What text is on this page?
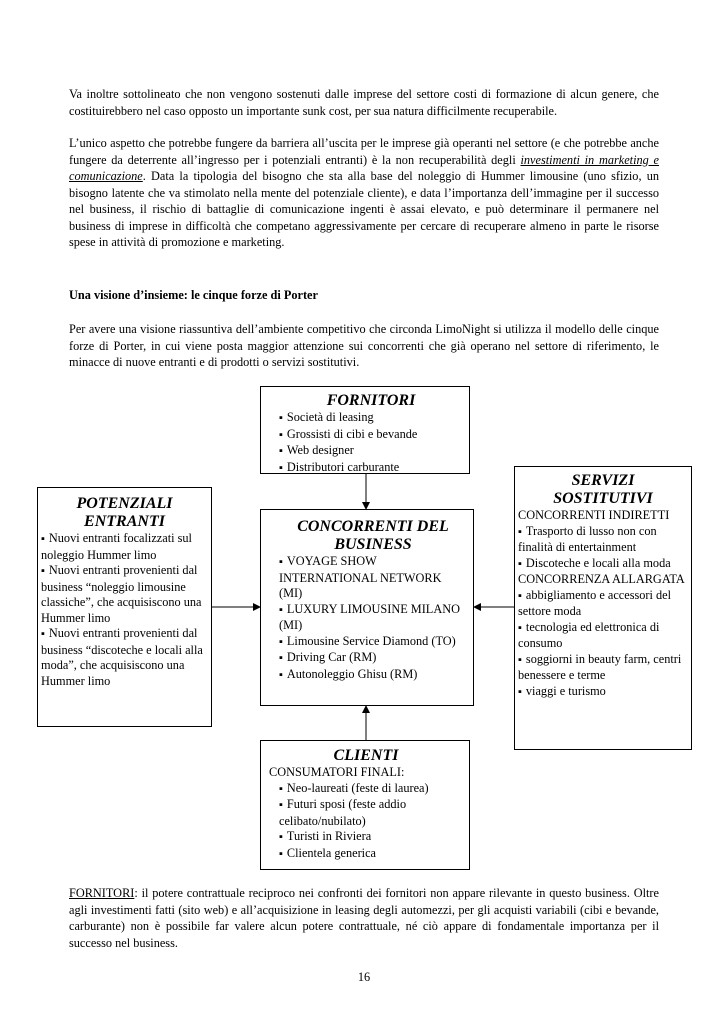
Va inoltre sottolineato che non vengono sostenuti dalle imprese del settore costi di formazione di alcun genere, che costituirebbero nel caso opposto un importante sunk cost, per sua natura difficilmente recuperabile.

L’unico aspetto che potrebbe fungere da barriera all’uscita per le imprese già operanti nel settore (e che potrebbe anche fungere da deterrente all’ingresso per i potenziali entranti) è la non recuperabilità degli investimenti in marketing e comunicazione. Data la tipologia del bisogno che sta alla base del noleggio di Hummer limousine (uno sfizio, un bisogno latente che va stimolato nella mente del potenziale cliente), e data l’importanza dell’immagine per il successo nel business, il rischio di battaglie di comunicazione ingenti è assai elevato, e può determinare il permanere nel business di imprese in difficoltà che competano aggressivamente per cercare di recuperare almeno in parte le risorse spese in attività di promozione e marketing.

Una visione d’insieme: le cinque forze di Porter

Per avere una visione riassuntiva dell’ambiente competitivo che circonda LimoNight si utilizza il modello delle cinque forze di Porter, in cui viene posta maggior attenzione sui concorrenti che già operano nel settore di riferimento, le minacce di nuove entranti e di prodotti o servizi sostitutivi.

FORNITORI
▪ Società di leasing
▪ Grossisti di cibi e bevande
▪ Web designer
▪ Distributori carburante
POTENZIALI
ENTRANTI
▪ Nuovi entranti focalizzati sul noleggio Hummer limo
▪ Nuovi entranti provenienti dal business “noleggio limousine classiche”, che acquisiscono una Hummer limo
▪ Nuovi entranti provenienti dal business “discoteche e locali alla moda”, che acquisiscono una Hummer limo
CONCORRENTI DEL
BUSINESS
▪ VOYAGE SHOW INTERNATIONAL NETWORK (MI)
▪ LUXURY LIMOUSINE MILANO (MI)
▪ Limousine Service Diamond (TO)
▪ Driving Car (RM)
▪ Autonoleggio Ghisu (RM)
SERVIZI
SOSTITUTIVI
CONCORRENTI INDIRETTI
▪ Trasporto di lusso non con finalità di entertainment
▪ Discoteche e locali alla moda
CONCORRENZA ALLARGATA
▪ abbigliamento e accessori del settore moda
▪ tecnologia ed elettronica di consumo
▪ soggiorni in beauty farm, centri benessere e terme
▪ viaggi e turismo
CLIENTI
CONSUMATORI FINALI:
▪ Neo-laureati (feste di laurea)
▪ Futuri sposi (feste addio celibato/nubilato)
▪ Turisti in Riviera
▪ Clientela generica

FORNITORI: il potere contrattuale reciproco nei confronti dei fornitori non appare rilevante in questo business. Oltre agli investimenti fatti (sito web) e all’acquisizione in leasing degli automezzi, per gli acquisti variabili (cibi e bevande, carburante) non è possibile far valere alcun potere contrattuale, né ciò appare di fondamentale importanza per il successo nel business.

16
